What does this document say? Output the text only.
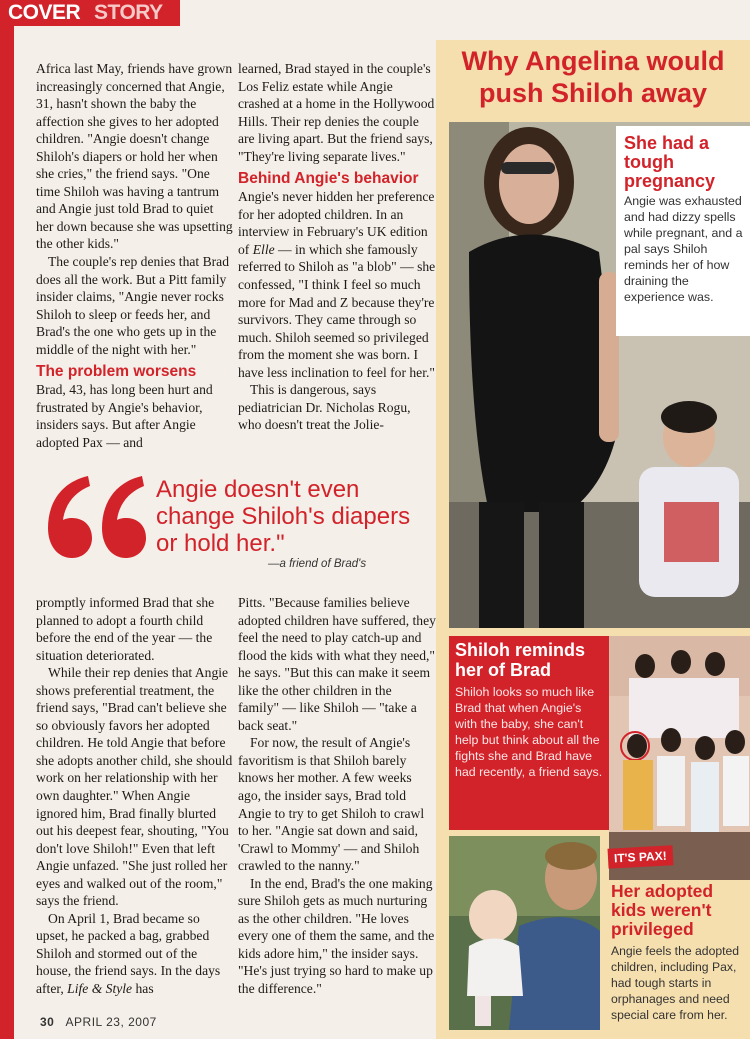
COVER STORY

Africa last May, friends have grown increasingly concerned that Angie, 31, hasn't shown the baby the affection she gives to her adopted children. "Angie doesn't change Shiloh's diapers or hold her when she cries," the friend says. "One time Shiloh was having a tantrum and Angie just told Brad to quiet her down because she was upsetting the other kids."

The couple's rep denies that Brad does all the work. But a Pitt family insider claims, "Angie never rocks Shiloh to sleep or feeds her, and Brad's the one who gets up in the middle of the night with her."

The problem worsens

Brad, 43, has long been hurt and frustrated by Angie's behavior, insiders says. But after Angie adopted Pax — and

learned, Brad stayed in the couple's Los Feliz estate while Angie crashed at a home in the Hollywood Hills. Their rep denies the couple are living apart. But the friend says, "They're living separate lives."

Behind Angie's behavior

Angie's never hidden her preference for her adopted children. In an interview in February's UK edition of Elle — in which she famously referred to Shiloh as "a blob" — she confessed, "I think I feel so much more for Mad and Z because they're survivors. They came through so much. Shiloh seemed so privileged from the moment she was born. I have less inclination to feel for her."

This is dangerous, says pediatrician Dr. Nicholas Rogu, who doesn't treat the Jolie-

Angie doesn't even change Shiloh's diapers or hold her."
—a friend of Brad's

promptly informed Brad that she planned to adopt a fourth child before the end of the year — the situation deteriorated.

While their rep denies that Angie shows preferential treatment, the friend says, "Brad can't believe she so obviously favors her adopted children. He told Angie that before she adopts another child, she should work on her relationship with her own daughter." When Angie ignored him, Brad finally blurted out his deepest fear, shouting, "You don't love Shiloh!" Even that left Angie unfazed. "She just rolled her eyes and walked out of the room," says the friend.

On April 1, Brad became so upset, he packed a bag, grabbed Shiloh and stormed out of the house, the friend says. In the days after, Life & Style has

Pitts. "Because families believe adopted children have suffered, they feel the need to play catch-up and flood the kids with what they need," he says. "But this can make it seem like the other children in the family" — like Shiloh — "take a back seat."

For now, the result of Angie's favoritism is that Shiloh barely knows her mother. A few weeks ago, the insider says, Brad told Angie to try to get Shiloh to crawl to her. "Angie sat down and said, 'Crawl to Mommy' — and Shiloh crawled to the nanny."

In the end, Brad's the one making sure Shiloh gets as much nurturing as the other children. "He loves every one of them the same, and the kids adore him," the insider says. "He's just trying so hard to make up the difference."

Why Angelina would push Shiloh away
She had a tough pregnancy
Angie was exhausted and had dizzy spells while pregnant, and a pal says Shiloh reminds her of how draining the experience was.
Shiloh reminds her of Brad
Shiloh looks so much like Brad that when Angie's with the baby, she can't help but think about all the fights she and Brad have had recently, a friend says.
IT'S PAX!
Her adopted kids weren't privileged
Angie feels the adopted children, including Pax, had tough starts in orphanages and need special care from her.
30 APRIL 23, 2007
